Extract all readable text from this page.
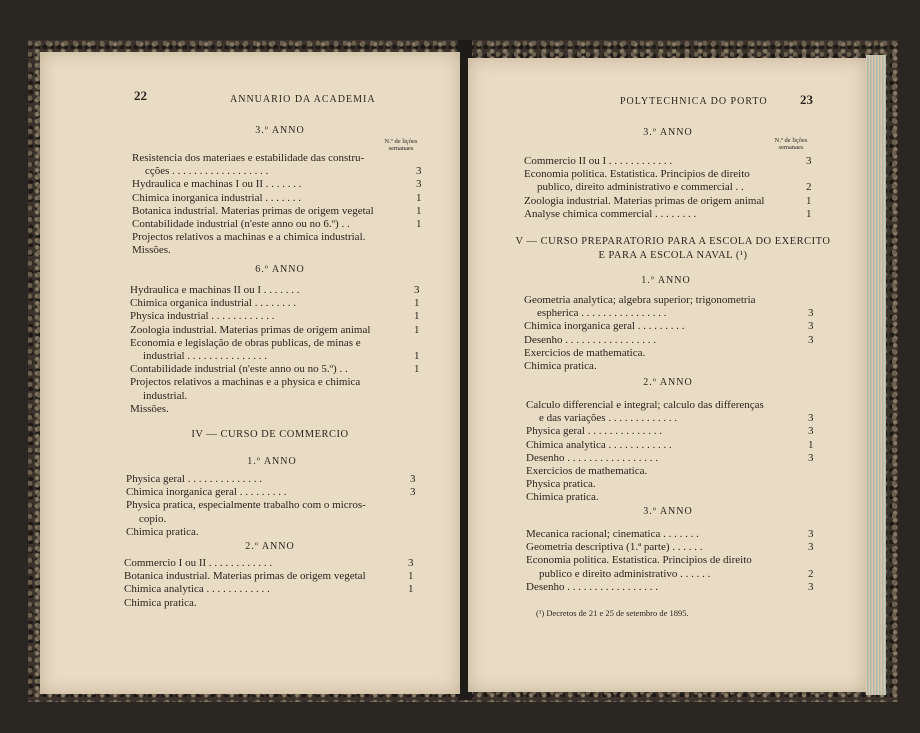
22	ANNUARIO DA ACADEMIA
3.º ANNO
N.º de lições semanaes
Resistencia dos materiaes e estabilidade das constru-
cções . . . . . . . . . . . . . . . . . .	3
Hydraulica e machinas I ou II . . . . . . .	3
Chimica inorganica industrial . . . . . . .	1
Botanica industrial. Materias primas de origem vegetal	1
Contabilidade industrial (n'este anno ou no 6.º) . .	1
Projectos relativos a machinas e a chimica industrial.
Missões.
6.º ANNO
Hydraulica e machinas II ou I . . . . . . .	3
Chimica organica industrial . . . . . . . .	1
Physica industrial . . . . . . . . . . . .	1
Zoologia industrial. Materias primas de origem animal	1
Economia e legislação de obras publicas, de minas e
industrial . . . . . . . . . . . . . . .	1
Contabilidade industrial (n'este anno ou no 5.º) . .	1
Projectos relativos a machinas e a physica e chimica
industrial.
Missões.
IV — CURSO DE COMMERCIO
1.º ANNO
Physica geral . . . . . . . . . . . . . .	3
Chimica inorganica geral . . . . . . . . .	3
Physica pratica, especialmente trabalho com o micros-
copio.
Chimica pratica.
2.º ANNO
Commercio I ou II . . . . . . . . . . . .	3
Botanica industrial. Materias primas de origem vegetal	1
Chimica analytica . . . . . . . . . . . .	1
Chimica pratica.
POLYTECHNICA DO PORTO 23
3.º ANNO
N.º de lições semanaes
Commercio II ou I . . . . . . . . . . . .	3
Economia politica. Estatistica. Principios de direito
publico, direito administrativo e commercial . .	2
Zoologia industrial. Materias primas de origem animal	1
Analyse chimica commercial . . . . . . . .	1
V — CURSO PREPARATORIO PARA A ESCOLA DO EXERCITO
E PARA A ESCOLA NAVAL (¹)
1.º ANNO
Geometria analytica; algebra superior; trigonometria
espherica . . . . . . . . . . . . . . . .	3
Chimica inorganica geral . . . . . . . . .	3
Desenho . . . . . . . . . . . . . . . . .	3
Exercicios de mathematica.
Chimica pratica.
2.º ANNO
Calculo differencial e integral; calculo das differenças
e das variações . . . . . . . . . . . . .	3
Physica geral . . . . . . . . . . . . . .	3
Chimica analytica . . . . . . . . . . . .	1
Desenho . . . . . . . . . . . . . . . . .	3
Exercicios de mathematica.
Physica pratica.
Chimica pratica.
3.º ANNO
Mecanica racional; cinematica . . . . . . .	3
Geometria descriptiva (1.ª parte) . . . . . .	3
Economia politica. Estatistica. Principios de direito
publico e direito administrativo . . . . . .	2
Desenho . . . . . . . . . . . . . . . . .	3
(¹) Decretos de 21 e 25 de setembro de 1895.
